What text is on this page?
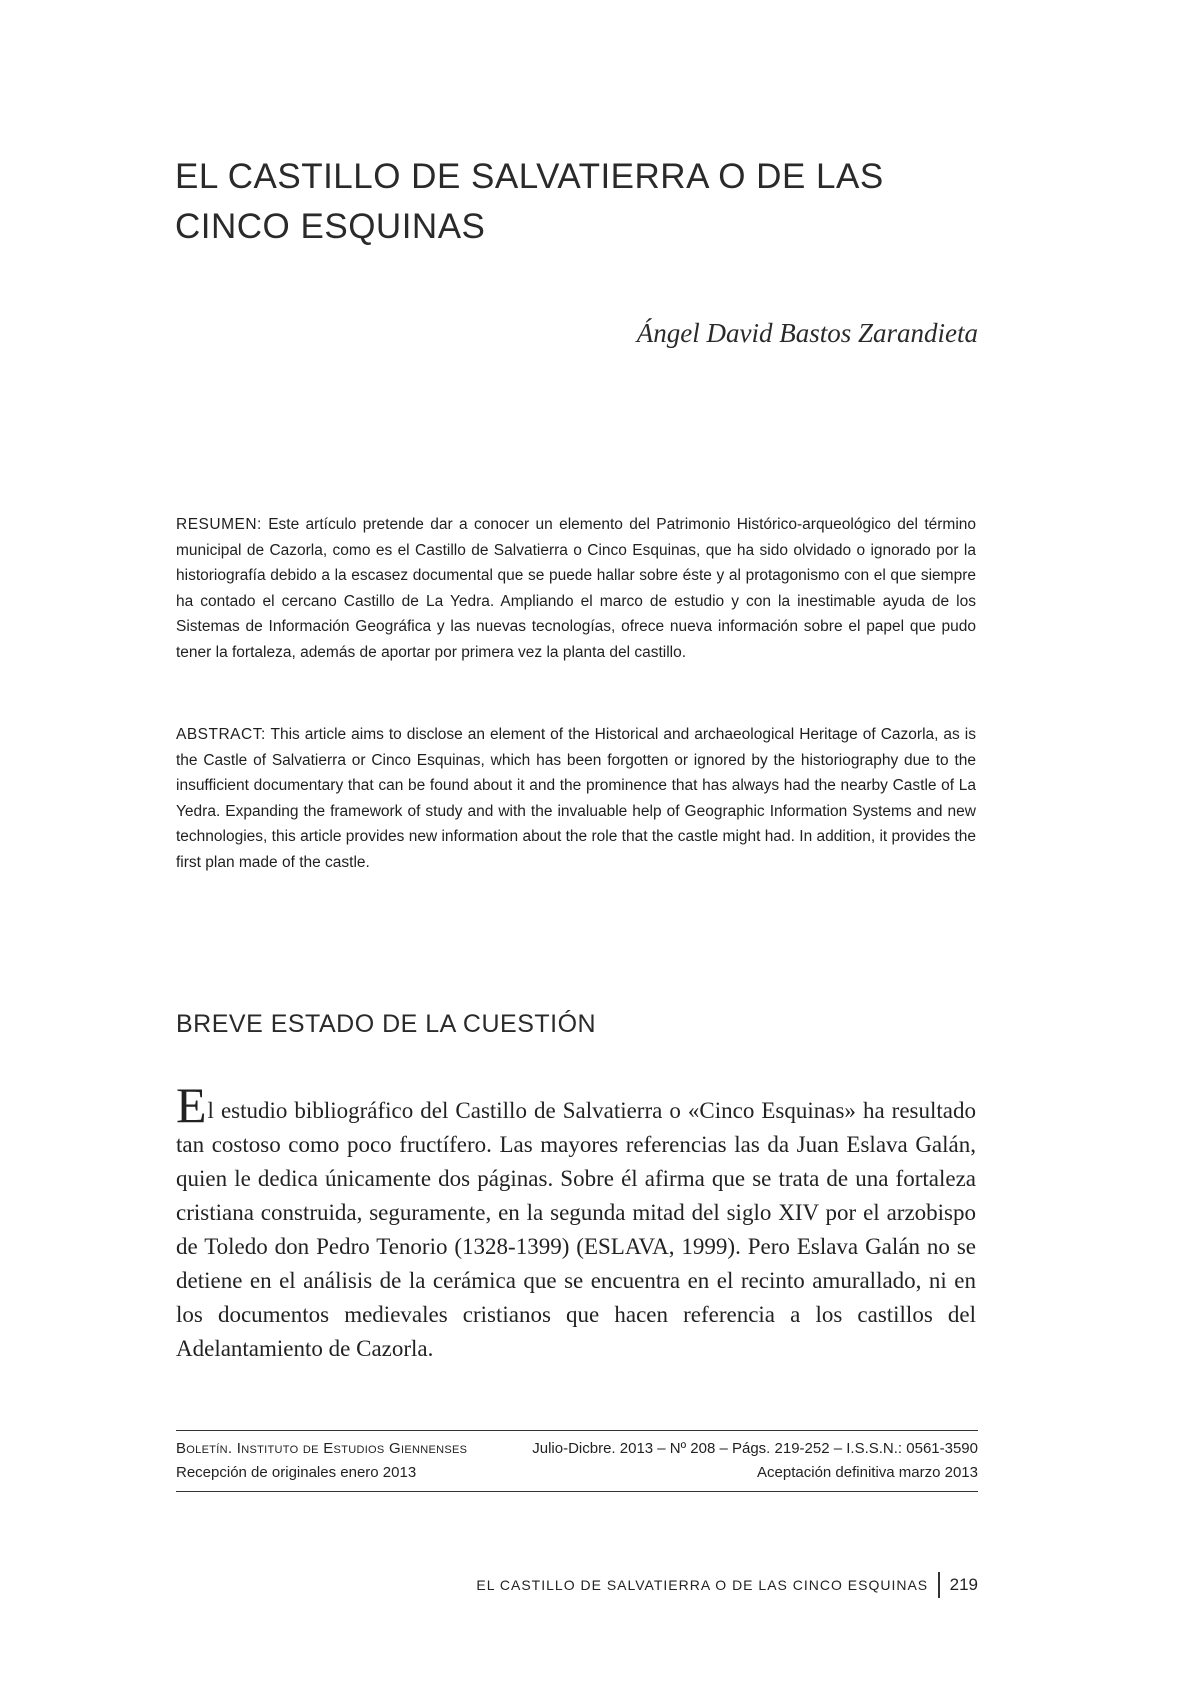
EL CASTILLO DE SALVATIERRA O DE LAS
CINCO ESQUINAS
Ángel David Bastos Zarandieta

RESUMEN: Este artículo pretende dar a conocer un elemento del Patrimonio Histórico-arqueológico del término municipal de Cazorla, como es el Castillo de Salvatierra o Cinco Esquinas, que ha sido olvidado o ignorado por la historiografía debido a la escasez documental que se puede hallar sobre éste y al protagonismo con el que siempre ha contado el cercano Castillo de La Yedra. Ampliando el marco de estudio y con la inestimable ayuda de los Sistemas de Información Geográfica y las nuevas tecnologías, ofrece nueva información sobre el papel que pudo tener la fortaleza, además de aportar por primera vez la planta del castillo.

ABSTRACT: This article aims to disclose an element of the Historical and archaeological Heritage of Cazorla, as is the Castle of Salvatierra or Cinco Esquinas, which has been forgotten or ignored by the historiography due to the insufficient documentary that can be found about it and the prominence that has always had the nearby Castle of La Yedra. Expanding the framework of study and with the invaluable help of Geographic Information Systems and new technologies, this article provides new information about the role that the castle might had. In addition, it provides the first plan made of the castle.

BREVE ESTADO DE LA CUESTIÓN

El estudio bibliográfico del Castillo de Salvatierra o «Cinco Esquinas» ha resultado tan costoso como poco fructífero. Las mayores referencias las da Juan Eslava Galán, quien le dedica únicamente dos páginas. Sobre él afirma que se trata de una fortaleza cristiana construida, seguramente, en la segunda mitad del siglo XIV por el arzobispo de Toledo don Pedro Tenorio (1328-1399) (ESLAVA, 1999). Pero Eslava Galán no se detiene en el análisis de la cerámica que se encuentra en el recinto amurallado, ni en los documentos medievales cristianos que hacen referencia a los castillos del Adelantamiento de Cazorla.

Boletín. Instituto de Estudios Giennenses	Julio-Dicbre. 2013 – Nº 208 – Págs. 219-252 – I.S.S.N.: 0561-3590
Recepción de originales enero 2013	Aceptación definitiva marzo 2013
EL CASTILLO DE SALVATIERRA O DE LAS CINCO ESQUINAS	219
